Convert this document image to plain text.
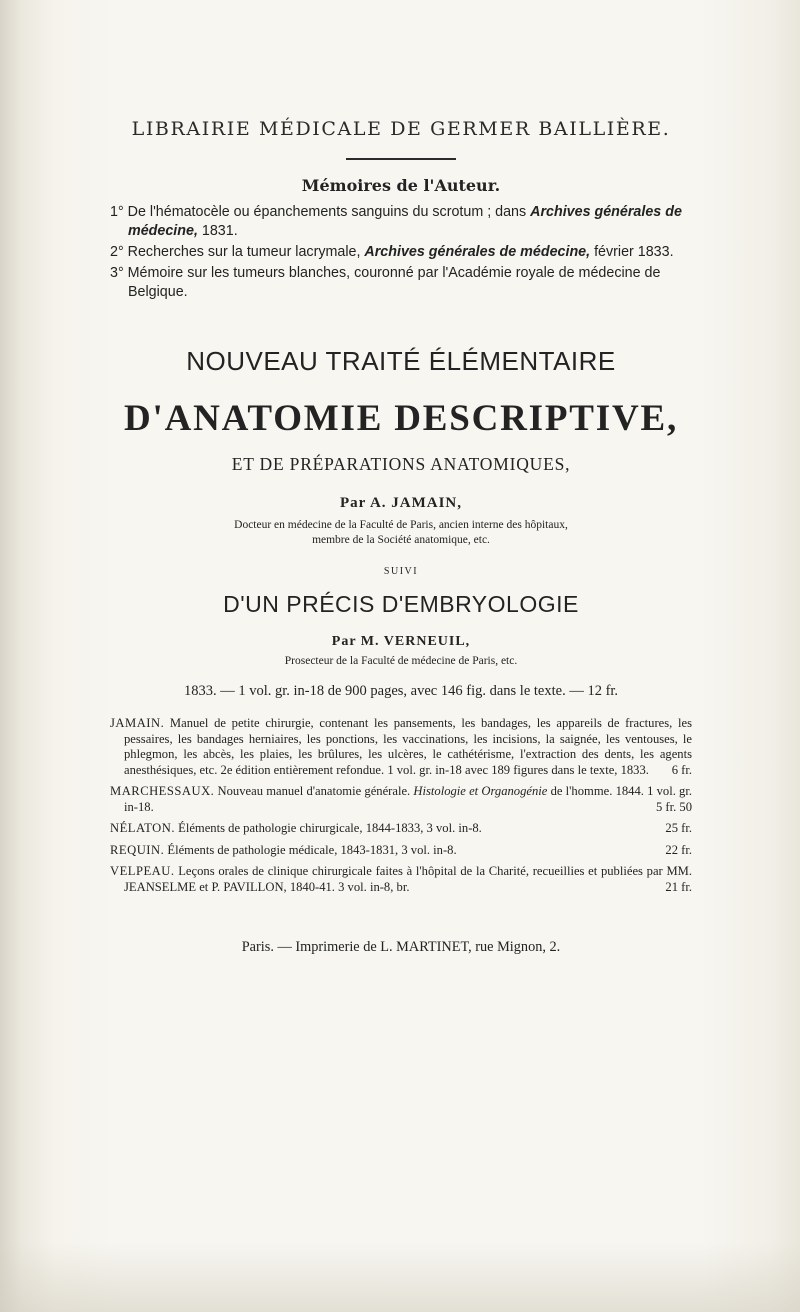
LIBRAIRIE MÉDICALE DE GERMER BAILLIÈRE.
Mémoires de l'Auteur.
1° De l'hématocèle ou épanchements sanguins du scrotum ; dans Archives générales de médecine, 1831.
2° Recherches sur la tumeur lacrymale, Archives générales de médecine, février 1833.
3° Mémoire sur les tumeurs blanches, couronné par l'Académie royale de médecine de Belgique.
NOUVEAU TRAITÉ ÉLÉMENTAIRE
D'ANATOMIE DESCRIPTIVE,
ET DE PRÉPARATIONS ANATOMIQUES,
Par A. JAMAIN,
Docteur en médecine de la Faculté de Paris, ancien interne des hôpitaux,
membre de la Société anatomique, etc.
SUIVI
D'UN PRÉCIS D'EMBRYOLOGIE
Par M. VERNEUIL,
Prosecteur de la Faculté de médecine de Paris, etc.
1833. — 1 vol. gr. in-18 de 900 pages, avec 146 fig. dans le texte. — 12 fr.
JAMAIN. Manuel de petite chirurgie, contenant les pansements, les bandages, les appareils de fractures, les pessaires, les bandages herniaires, les ponctions, les vaccinations, les incisions, la saignée, les ventouses, le phlegmon, les abcès, les plaies, les brûlures, les ulcères, le cathétérisme, l'extraction des dents, les agents anesthésiques, etc. 2e édition entièrement refondue. 1 vol. gr. in-18 avec 189 figures dans le texte, 1833. 6 fr.
MARCHESSAUX. Nouveau manuel d'anatomie générale. Histologie et Organogénie de l'homme. 1844. 1 vol. gr. in-18.	5 fr. 50
NÉLATON. Éléments de pathologie chirurgicale, 1844-1833, 3 vol. in-8.	25 fr.
REQUIN. Éléments de pathologie médicale, 1843-1831, 3 vol. in-8.	22 fr.
VELPEAU. Leçons orales de clinique chirurgicale faites à l'hôpital de la Charité, recueillies et publiées par MM. JEANSELME et P. PAVILLON, 1840-41. 3 vol. in-8, br.	21 fr.
Paris. — Imprimerie de L. MARTINET, rue Mignon, 2.
